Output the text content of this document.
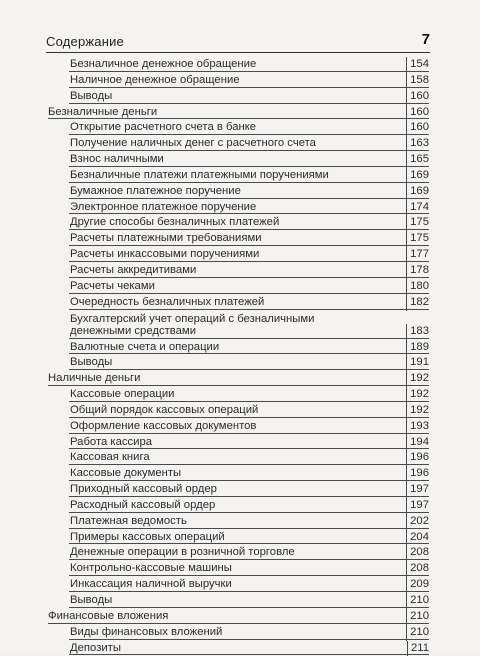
Содержание	7
Безналичное денежное обращение	154
Наличное денежное обращение	158
Выводы	160
Безналичные деньги	160
Открытие расчетного счета в банке	160
Получение наличных денег с расчетного счета	163
Взнос наличными	165
Безналичные платежи платежными поручениями	169
Бумажное платежное поручение	169
Электронное платежное поручение	174
Другие способы безналичных платежей	175
Расчеты платежными требованиями	175
Расчеты инкассовыми поручениями	177
Расчеты аккредитивами	178
Расчеты чеками	180
Очередность безналичных платежей	182
Бухгалтерский учет операций с безналичными денежными средствами	183
Валютные счета и операции	189
Выводы	191
Наличные деньги	192
Кассовые операции	192
Общий порядок кассовых операций	192
Оформление кассовых документов	193
Работа кассира	194
Кассовая книга	196
Кассовые документы	196
Приходный кассовый ордер	197
Расходный кассовый ордер	197
Платежная ведомость	202
Примеры кассовых операций	204
Денежные операции в розничной торговле	208
Контрольно-кассовые машины	208
Инкассация наличной выручки	209
Выводы	210
Финансовые вложения	210
Виды финансовых вложений	210
Депозиты	211
